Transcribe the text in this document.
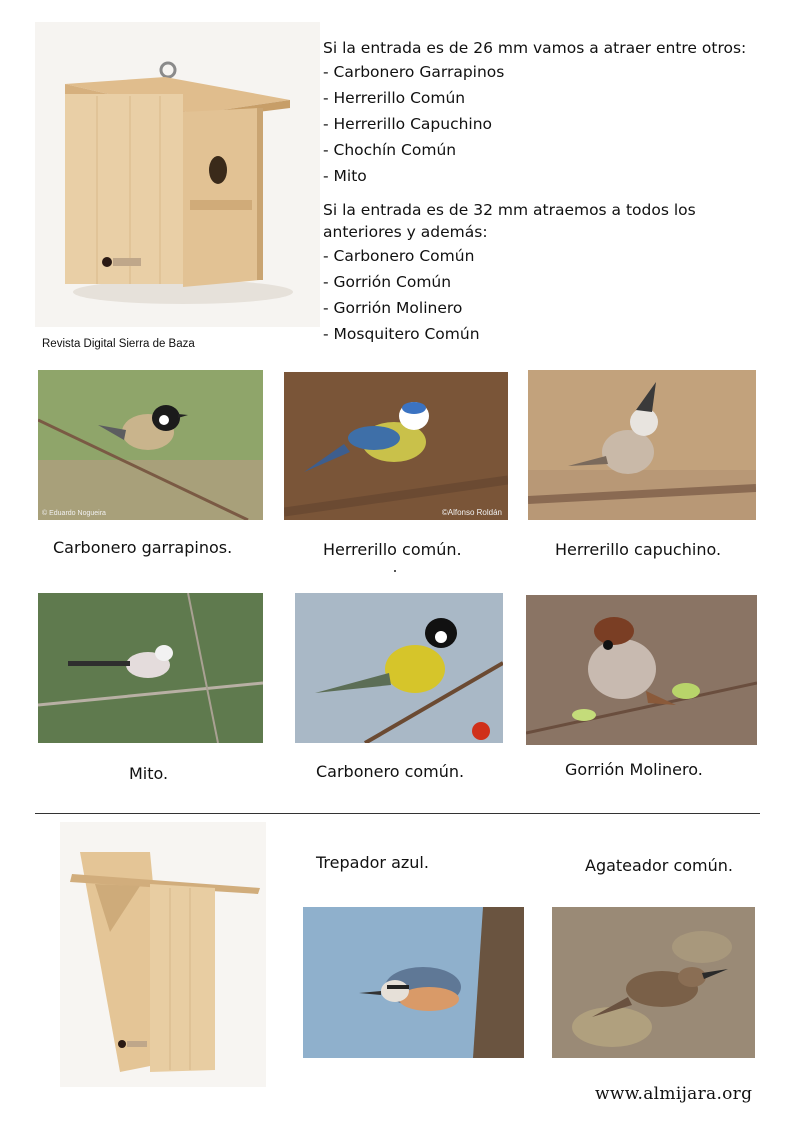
Si la entrada es de 26 mm vamos a atraer entre otros:

- Carbonero Garrapinos

- Herrerillo Común

- Herrerillo Capuchino

- Chochín Común

- Mito

Si la entrada es de 32 mm atraemos a todos los

anteriores y además:

- Carbonero Común

- Gorrión Común

- Gorrión Molinero

- Mosquitero Común

Revista Digital Sierra de Baza
© Eduardo Nogueira	©Alfonso Roldán
Carbonero garrapinos.	Herrerillo común.	Herrerillo capuchino.
Mito.	Carbonero común.	Gorrión Molinero.
Trepador azul.	Agateador común.
www.almijara.org
